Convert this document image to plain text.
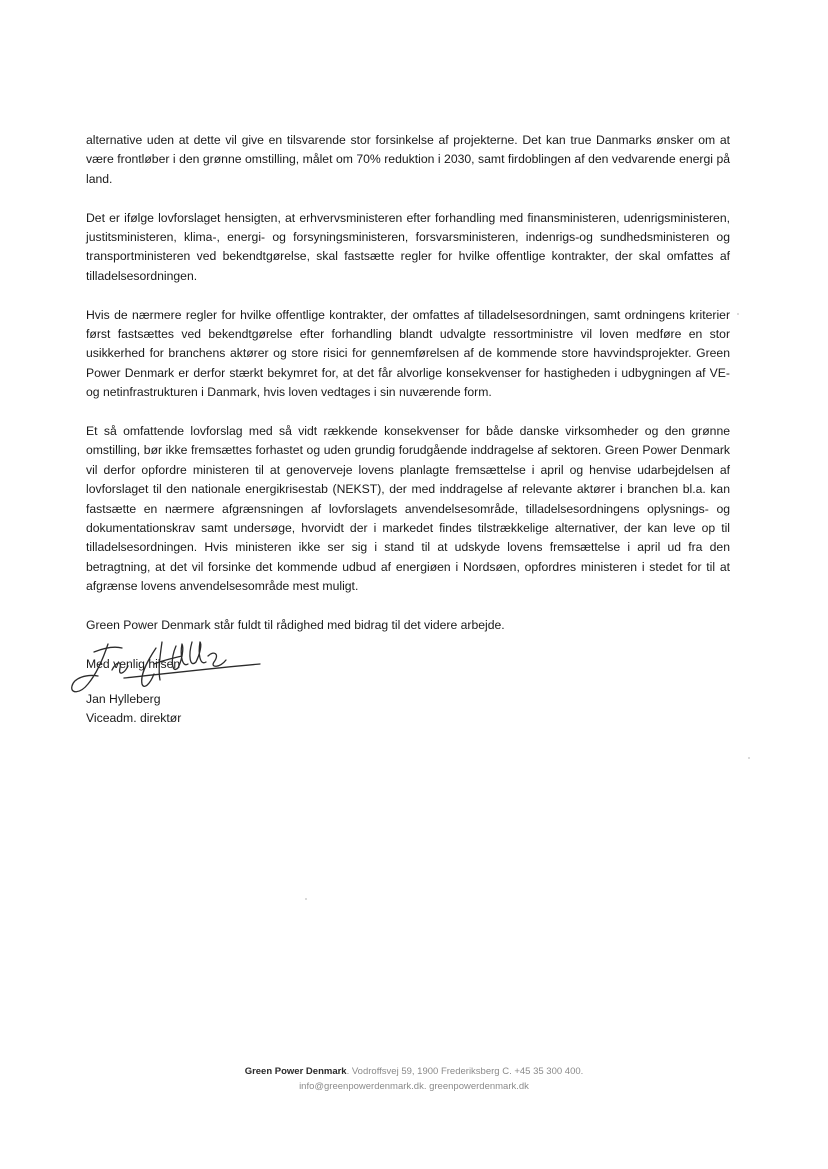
alternative uden at dette vil give en tilsvarende stor forsinkelse af projekterne. Det kan true Danmarks ønsker om at være frontløber i den grønne omstilling, målet om 70% reduktion i 2030, samt firdoblingen af den vedvarende energi på land.

Det er ifølge lovforslaget hensigten, at erhvervsministeren efter forhandling med finansministeren, udenrigsministeren, justitsministeren, klima-, energi- og forsyningsministeren, forsvarsministeren, indenrigs-og sundhedsministeren og transportministeren ved bekendtgørelse, skal fastsætte regler for hvilke offentlige kontrakter, der skal omfattes af tilladelsesordningen.

Hvis de nærmere regler for hvilke offentlige kontrakter, der omfattes af tilladelsesordningen, samt ordningens kriterier først fastsættes ved bekendtgørelse efter forhandling blandt udvalgte ressortministre vil loven medføre en stor usikkerhed for branchens aktører og store risici for gennemførelsen af de kommende store havvindsprojekter. Green Power Denmark er derfor stærkt bekymret for, at det får alvorlige konsekvenser for hastigheden i udbygningen af VE- og netinfrastrukturen i Danmark, hvis loven vedtages i sin nuværende form.

Et så omfattende lovforslag med så vidt rækkende konsekvenser for både danske virksomheder og den grønne omstilling, bør ikke fremsættes forhastet og uden grundig forudgående inddragelse af sektoren. Green Power Denmark vil derfor opfordre ministeren til at genoverveje lovens planlagte fremsættelse i april og henvise udarbejdelsen af lovforslaget til den nationale energikrisestab (NEKST), der med inddragelse af relevante aktører i branchen bl.a. kan fastsætte en nærmere afgrænsningen af lovforslagets anvendelsesområde, tilladelsesordningens oplysnings- og dokumentationskrav samt undersøge, hvorvidt der i markedet findes tilstrækkelige alternativer, der kan leve op til tilladelsesordningen. Hvis ministeren ikke ser sig i stand til at udskyde lovens fremsættelse i april ud fra den betragtning, at det vil forsinke det kommende udbud af energiøen i Nordsøen, opfordres ministeren i stedet for til at afgrænse lovens anvendelsesområde mest muligt.

Green Power Denmark står fuldt til rådighed med bidrag til det videre arbejde.

Med venlig hilsen

Jan Hylleberg
Viceadm. direktør
Green Power Denmark. Vodroffsvej 59, 1900 Frederiksberg C. +45 35 300 400.
info@greenpowerdenmark.dk. greenpowerdenmark.dk
